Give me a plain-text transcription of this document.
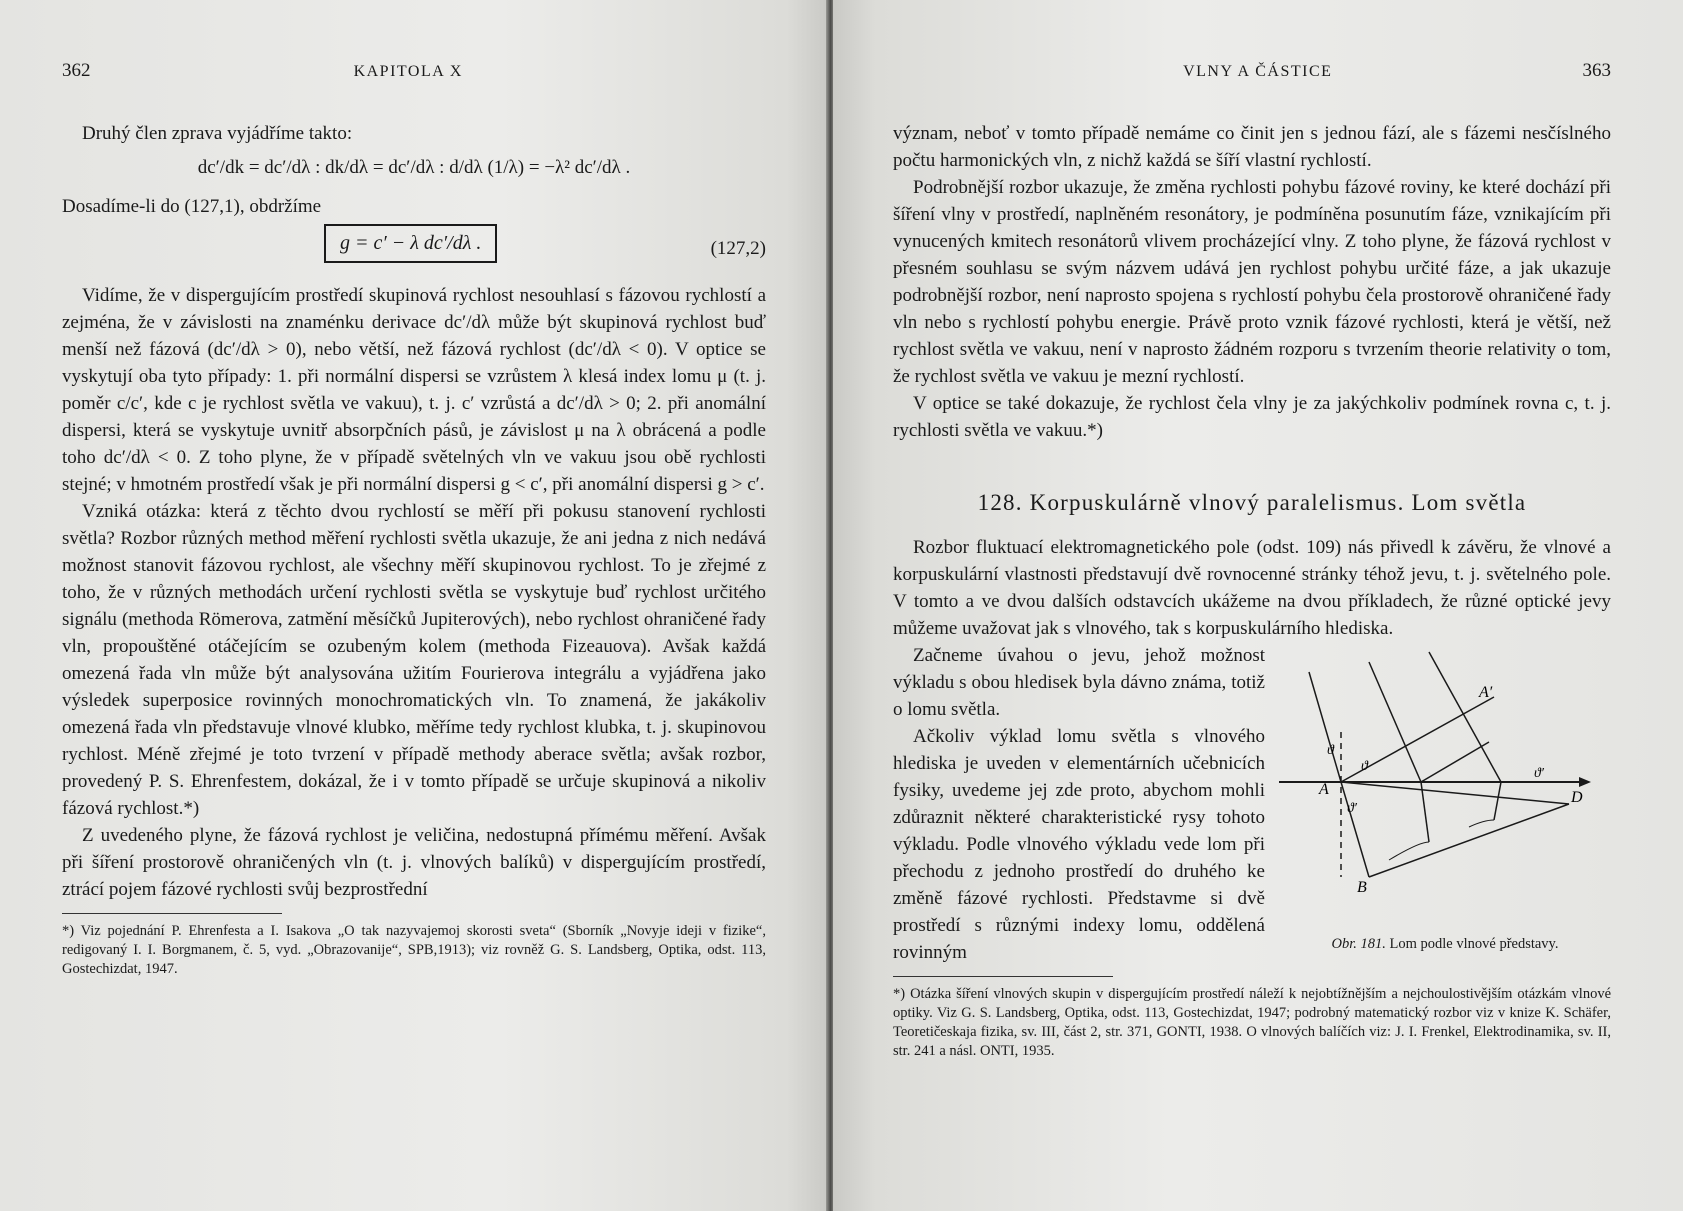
362	KAPITOLA X

Druhý člen zprava vyjádříme takto:

dc′/dk = dc′/dλ : dk/dλ = dc′/dλ : d/dλ (1/λ) = −λ² dc′/dλ .

Dosadíme-li do (127,1), obdržíme

g = c′ − λ dc′/dλ .	(127,2)

Vidíme, že v dispergujícím prostředí skupinová rychlost nesouhlasí s fázovou rychlostí a zejména, že v závislosti na znaménku derivace dc′/dλ může být skupinová rychlost buď menší než fázová (dc′/dλ > 0), nebo větší, než fázová rychlost (dc′/dλ < 0). V optice se vyskytují oba tyto případy: 1. při normální dispersi se vzrůstem λ klesá index lomu μ (t. j. poměr c/c′, kde c je rychlost světla ve vakuu), t. j. c′ vzrůstá a dc′/dλ > 0; 2. při anomální dispersi, která se vyskytuje uvnitř absorpčních pásů, je závislost μ na λ obrácená a podle toho dc′/dλ < 0. Z toho plyne, že v případě světelných vln ve vakuu jsou obě rychlosti stejné; v hmotném prostředí však je při normální dispersi g < c′, při anomální dispersi g > c′.

Vzniká otázka: která z těchto dvou rychlostí se měří při pokusu stanovení rychlosti světla? Rozbor různých method měření rychlosti světla ukazuje, že ani jedna z nich nedává možnost stanovit fázovou rychlost, ale všechny měří skupinovou rychlost. To je zřejmé z toho, že v různých methodách určení rychlosti světla se vyskytuje buď rychlost určitého signálu (methoda Römerova, zatmění měsíčků Jupiterových), nebo rychlost ohraničené řady vln, propouštěné otáčejícím se ozubeným kolem (methoda Fizeauova). Avšak každá omezená řada vln může být analysována užitím Fourierova integrálu a vyjádřena jako výsledek superposice rovinných monochromatických vln. To znamená, že jakákoliv omezená řada vln představuje vlnové klubko, měříme tedy rychlost klubka, t. j. skupinovou rychlost. Méně zřejmé je toto tvrzení v případě methody aberace světla; avšak rozbor, provedený P. S. Ehrenfestem, dokázal, že i v tomto případě se určuje skupinová a nikoliv fázová rychlost.*)

Z uvedeného plyne, že fázová rychlost je veličina, nedostupná přímému měření. Avšak při šíření prostorově ohraničených vln (t. j. vlnových balíků) v dispergujícím prostředí, ztrácí pojem fázové rychlosti svůj bezprostřední

*) Viz pojednání P. Ehrenfesta a I. Isakova „O tak nazyvajemoj skorosti sveta“ (Sborník „Novyje ideji v fizike“, redigovaný I. I. Borgmanem, č. 5, vyd. „Obrazovanije“, SPB,1913); viz rovněž G. S. Landsberg, Optika, odst. 113, Gostechizdat, 1947.

VLNY A ČÁSTICE	363

význam, neboť v tomto případě nemáme co činit jen s jednou fází, ale s fázemi nesčíslného počtu harmonických vln, z nichž každá se šíří vlastní rychlostí.

Podrobnější rozbor ukazuje, že změna rychlosti pohybu fázové roviny, ke které dochází při šíření vlny v prostředí, naplněném resonátory, je podmíněna posunutím fáze, vznikajícím při vynucených kmitech resonátorů vlivem procházející vlny. Z toho plyne, že fázová rychlost v přesném souhlasu se svým názvem udává jen rychlost pohybu určité fáze, a jak ukazuje podrobnější rozbor, není naprosto spojena s rychlostí pohybu čela prostorově ohraničené řady vln nebo s rychlostí pohybu energie. Právě proto vznik fázové rychlosti, která je větší, než rychlost světla ve vakuu, není v naprosto žádném rozporu s tvrzením theorie relativity o tom, že rychlost světla ve vakuu je mezní rychlostí.

V optice se také dokazuje, že rychlost čela vlny je za jakýchkoliv podmínek rovna c, t. j. rychlosti světla ve vakuu.*)

128. Korpuskulárně vlnový paralelismus. Lom světla

Rozbor fluktuací elektromagnetického pole (odst. 109) nás přivedl k závěru, že vlnové a korpuskulární vlastnosti představují dvě rovnocenné stránky téhož jevu, t. j. světelného pole. V tomto a ve dvou dalších odstavcích ukážeme na dvou příkladech, že různé optické jevy můžeme uvažovat jak s vlnového, tak s korpuskulárního hlediska.

Začneme úvahou o jevu, jehož možnost výkladu s obou hledisek byla dávno známa, totiž o lomu světla.

Ačkoliv výklad lomu světla s vlnového hlediska je uveden v elementárních učebnicích fysiky, uvedeme jej zde proto, abychom mohli zdůraznit některé charakteristické rysy tohoto výkladu. Podle vlnového výkladu vede lom při přechodu z jednoho prostředí do druhého ke změně fázové rychlosti. Představme si dvě prostředí s různými indexy lomu, oddělená rovinným

A
A′
B
D
ϑ
ϑ
ϑ′
ϑ′
Obr. 181. Lom podle vlnové představy.

*) Otázka šíření vlnových skupin v dispergujícím prostředí náleží k nejobtížnějším a nejchoulostivějším otázkám vlnové optiky. Viz G. S. Landsberg, Optika, odst. 113, Gostechizdat, 1947; podrobný matematický rozbor viz v knize K. Schäfer, Teoretičeskaja fizika, sv. III, část 2, str. 371, GONTI, 1938. O vlnových balíčích viz: J. I. Frenkel, Elektrodinamika, sv. II, str. 241 a násl. ONTI, 1935.
